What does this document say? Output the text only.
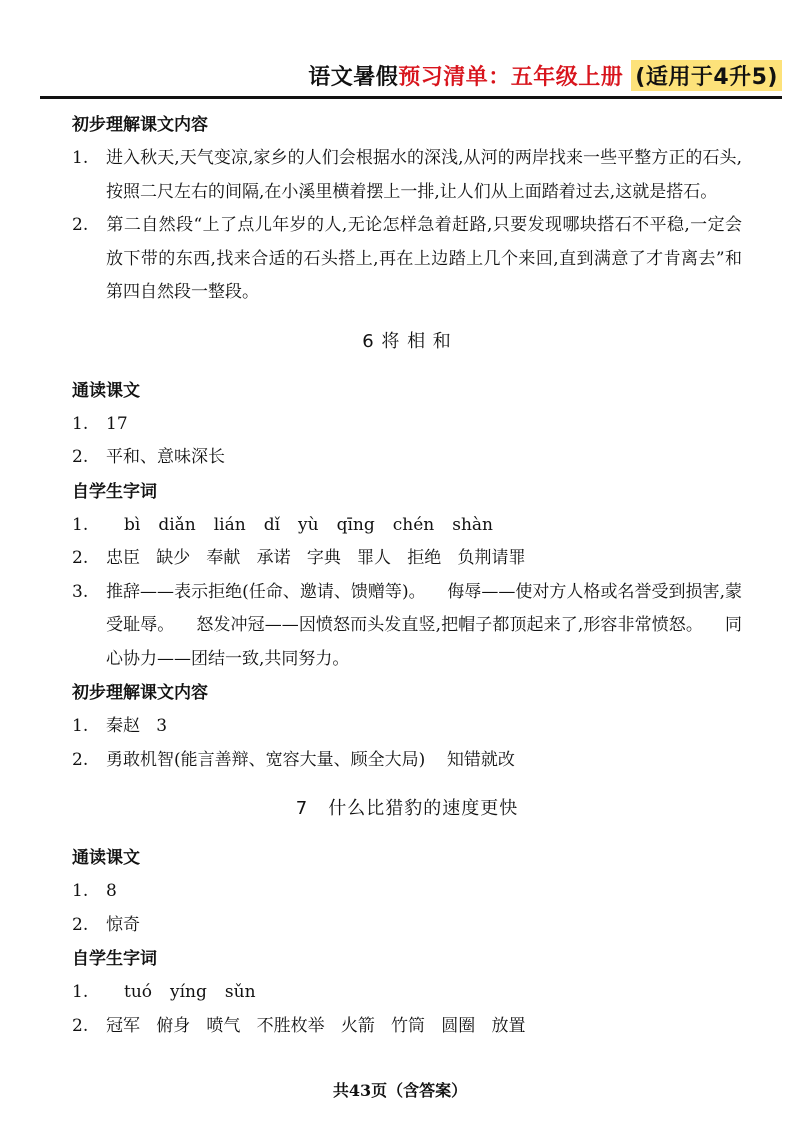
语文暑假 预习清单：五年级上册 (适用于4升5)
初步理解课文内容

1. 进入秋天,天气变凉,家乡的人们会根据水的深浅,从河的两岸找来一些平整方正的石头,按照二尺左右的间隔,在小溪里横着摆上一排,让人们从上面踏着过去,这就是搭石。

2. 第二自然段“上了点儿年岁的人,无论怎样急着赶路,只要发现哪块搭石不平稳,一定会放下带的东西,找来合适的石头搭上,再在上边踏上几个来回,直到满意了才肯离去”和第四自然段一整段。

6 将 相 和
通读课文

1. 17

2. 平和、意味深长

自学生字词

1. bì diǎn lián dǐ yù qīng chén shàn

2. 忠臣   缺少   奉献   承诺   字典   罪人   拒绝   负荆请罪

3. 推辞——表示拒绝(任命、邀请、馈赠等)。    侮辱——使对方人格或名誉受到损害,蒙受耻辱。    怒发冲冠——因愤怒而头发直竖,把帽子都顶起来了,形容非常愤怒。    同心协力——团结一致,共同努力。

初步理解课文内容

1. 秦赵   3

2. 勇敢机智(能言善辩、宽容大量、顾全大局)    知错就改

7   什么比猎豹的速度更快
通读课文

1. 8

2. 惊奇

自学生字词

1. tuó yíng sǔn

2. 冠军   俯身   喷气   不胜枚举   火箭   竹筒   圆圈   放置

共43页（含答案）
